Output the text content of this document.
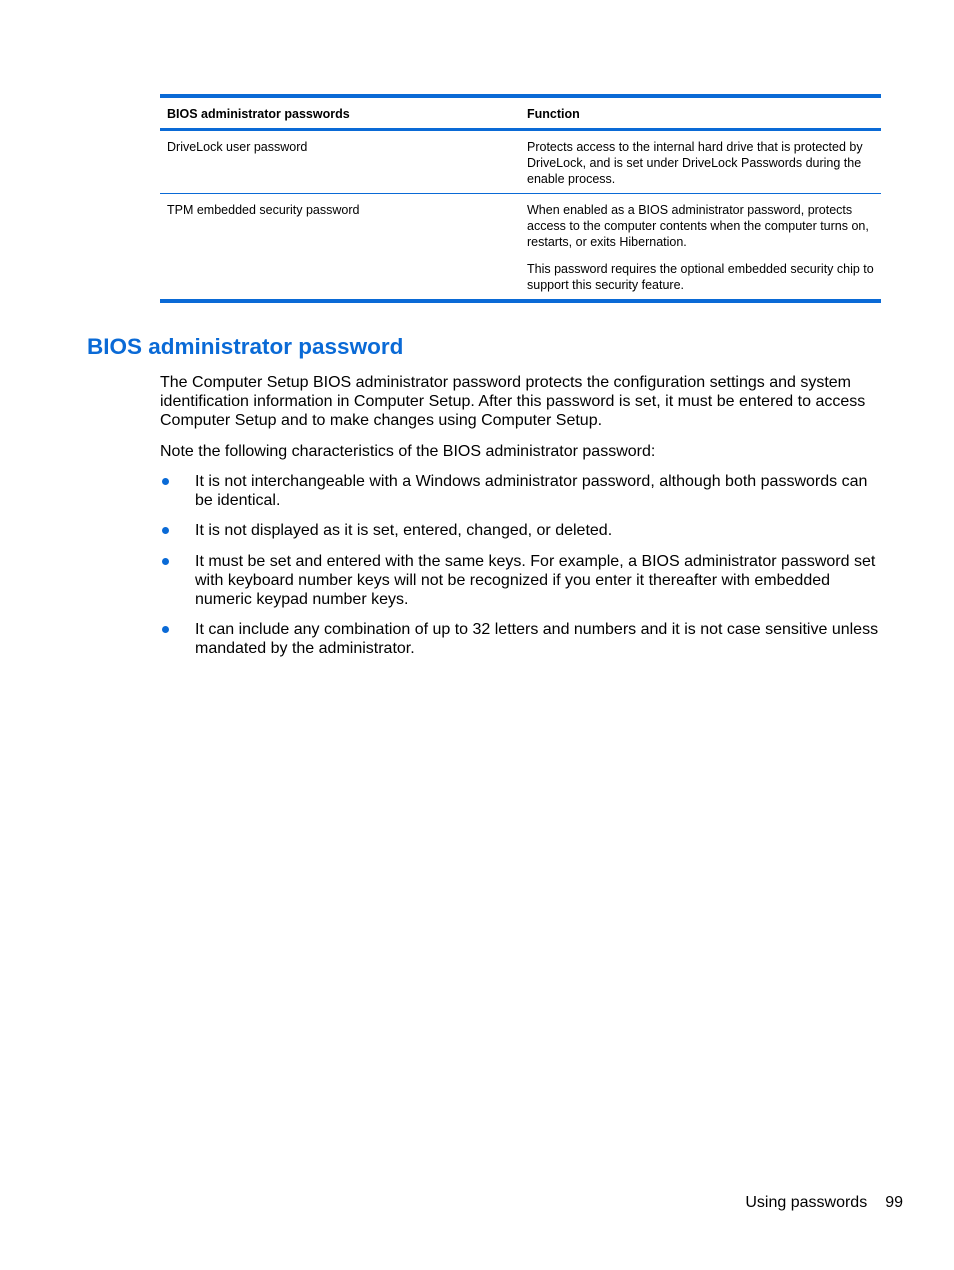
BIOS administrator passwords	Function
DriveLock user password	Protects access to the internal hard drive that is protected by DriveLock, and is set under DriveLock Passwords during the enable process.

TPM embedded security password	When enabled as a BIOS administrator password, protects access to the computer contents when the computer turns on, restarts, or exits Hibernation.

This password requires the optional embedded security chip to support this security feature.

BIOS administrator password

The Computer Setup BIOS administrator password protects the configuration settings and system identification information in Computer Setup. After this password is set, it must be entered to access Computer Setup and to make changes using Computer Setup.

Note the following characteristics of the BIOS administrator password:

It is not interchangeable with a Windows administrator password, although both passwords can be identical.
It is not displayed as it is set, entered, changed, or deleted.
It must be set and entered with the same keys. For example, a BIOS administrator password set with keyboard number keys will not be recognized if you enter it thereafter with embedded numeric keypad number keys.
It can include any combination of up to 32 letters and numbers and it is not case sensitive unless mandated by the administrator.
Using passwords 99
